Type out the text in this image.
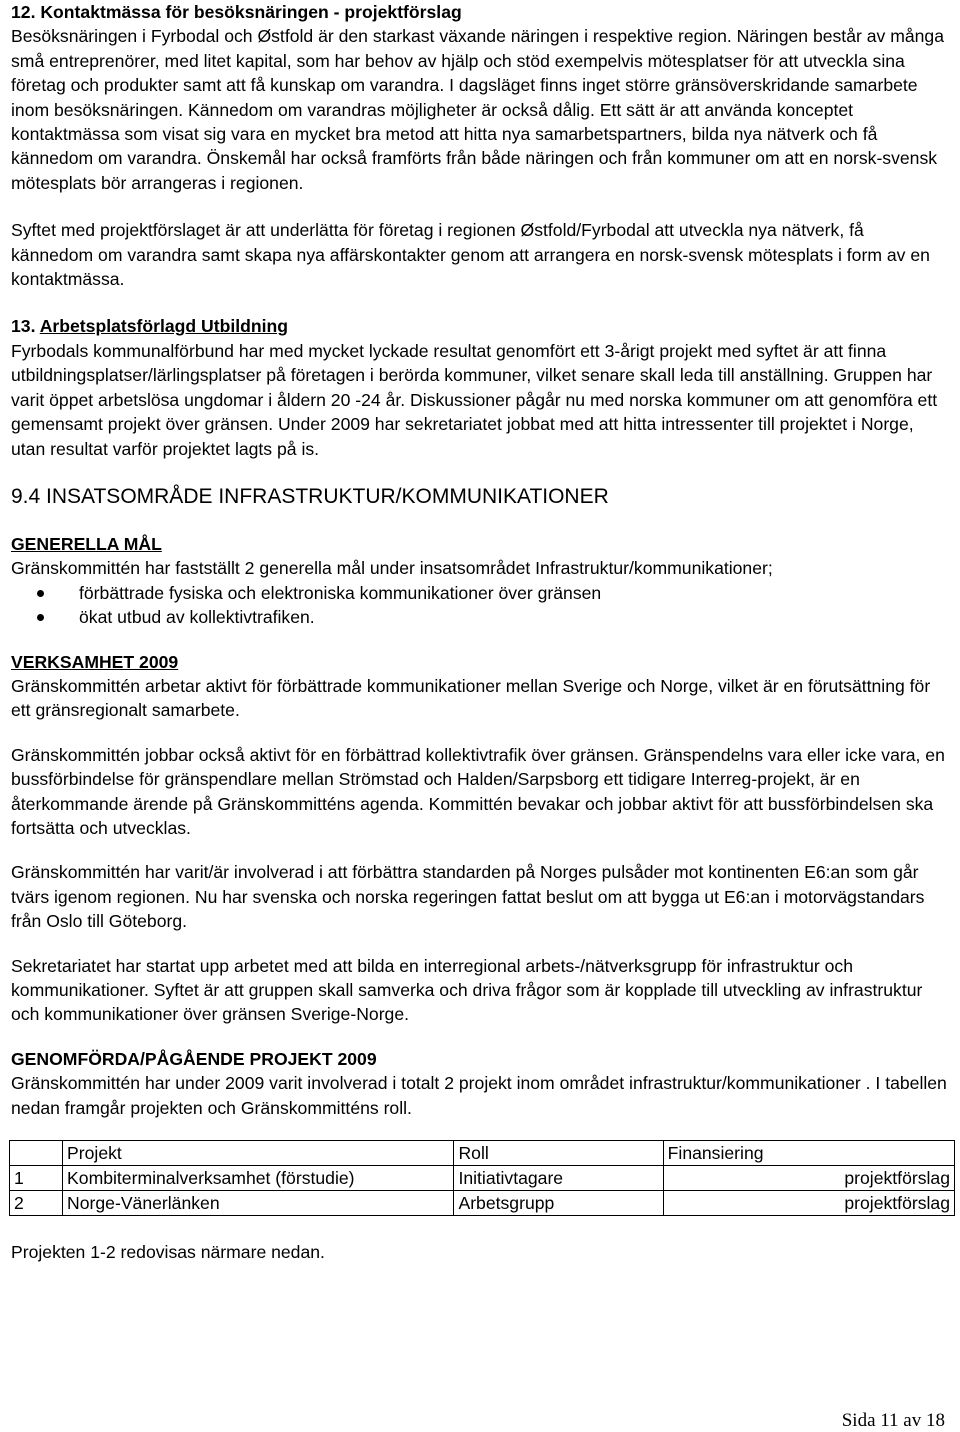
12. Kontaktmässa för besöksnäringen - projektförslag

Besöksnäringen i Fyrbodal och Østfold är den starkast växande näringen i respektive region. Näringen består av många små entreprenörer, med litet kapital, som har behov av hjälp och stöd exempelvis mötesplatser för att utveckla sina företag och produkter samt att få kunskap om varandra. I dagsläget finns inget större gränsöverskridande samarbete inom besöksnäringen. Kännedom om varandras möjligheter är också dålig. Ett sätt är att använda konceptet kontaktmässa som visat sig vara en mycket bra metod att hitta nya samarbetspartners, bilda nya nätverk och få kännedom om varandra. Önskemål har också framförts från både näringen och från kommuner om att en norsk-svensk mötesplats bör arrangeras i regionen.

Syftet med projektförslaget är att underlätta för företag i regionen Østfold/Fyrbodal att utveckla nya nätverk, få kännedom om varandra samt skapa nya affärskontakter genom att arrangera en norsk-svensk mötesplats i form av en kontaktmässa.

13. Arbetsplatsförlagd Utbildning

Fyrbodals kommunalförbund har med mycket lyckade resultat genomfört ett 3-årigt projekt med syftet är att finna utbildningsplatser/lärlingsplatser på företagen i berörda kommuner, vilket senare skall leda till anställning. Gruppen har varit öppet arbetslösa ungdomar i åldern 20 -24 år. Diskussioner pågår nu med norska kommuner om att genomföra ett gemensamt projekt över gränsen. Under 2009 har sekretariatet jobbat med att hitta intressenter till projektet i Norge, utan resultat varför projektet lagts på is.

9.4 INSATSOMRÅDE INFRASTRUKTUR/KOMMUNIKATIONER

GENERELLA MÅL

Gränskommittén har fastställt 2 generella mål under insatsområdet Infrastruktur/kommunikationer;

förbättrade fysiska och elektroniska kommunikationer över gränsen
ökat utbud av kollektivtrafiken.

VERKSAMHET 2009

Gränskommittén arbetar aktivt för förbättrade kommunikationer mellan Sverige och Norge, vilket är en förutsättning för ett gränsregionalt samarbete.

Gränskommittén jobbar också aktivt för en förbättrad kollektivtrafik över gränsen. Gränspendelns vara eller icke vara, en bussförbindelse för gränspendlare mellan Strömstad och Halden/Sarpsborg ett tidigare Interreg-projekt, är en återkommande ärende på Gränskommitténs agenda. Kommittén bevakar och jobbar aktivt för att bussförbindelsen ska fortsätta och utvecklas.

Gränskommittén har varit/är involverad i att förbättra standarden på Norges pulsåder mot kontinenten E6:an som går tvärs igenom regionen. Nu har svenska och norska regeringen fattat beslut om att bygga ut E6:an i motorvägstandars från Oslo till Göteborg.

Sekretariatet har startat upp arbetet med att bilda en interregional arbets-/nätverksgrupp för infrastruktur och kommunikationer. Syftet är att gruppen skall samverka och driva frågor som är kopplade till utveckling av infrastruktur och kommunikationer över gränsen Sverige-Norge.

GENOMFÖRDA/PÅGÅENDE PROJEKT 2009

Gränskommittén har under 2009 varit involverad i totalt 2 projekt inom området infrastruktur/kommunikationer . I tabellen nedan framgår projekten och Gränskommitténs roll.

	Projekt	Roll	Finansiering
1	Kombiterminalverksamhet (förstudie)	Initiativtagare	projektförslag
2	Norge-Vänerlänken	Arbetsgrupp	projektförslag

Projekten 1-2 redovisas närmare nedan.

Sida 11 av 18
